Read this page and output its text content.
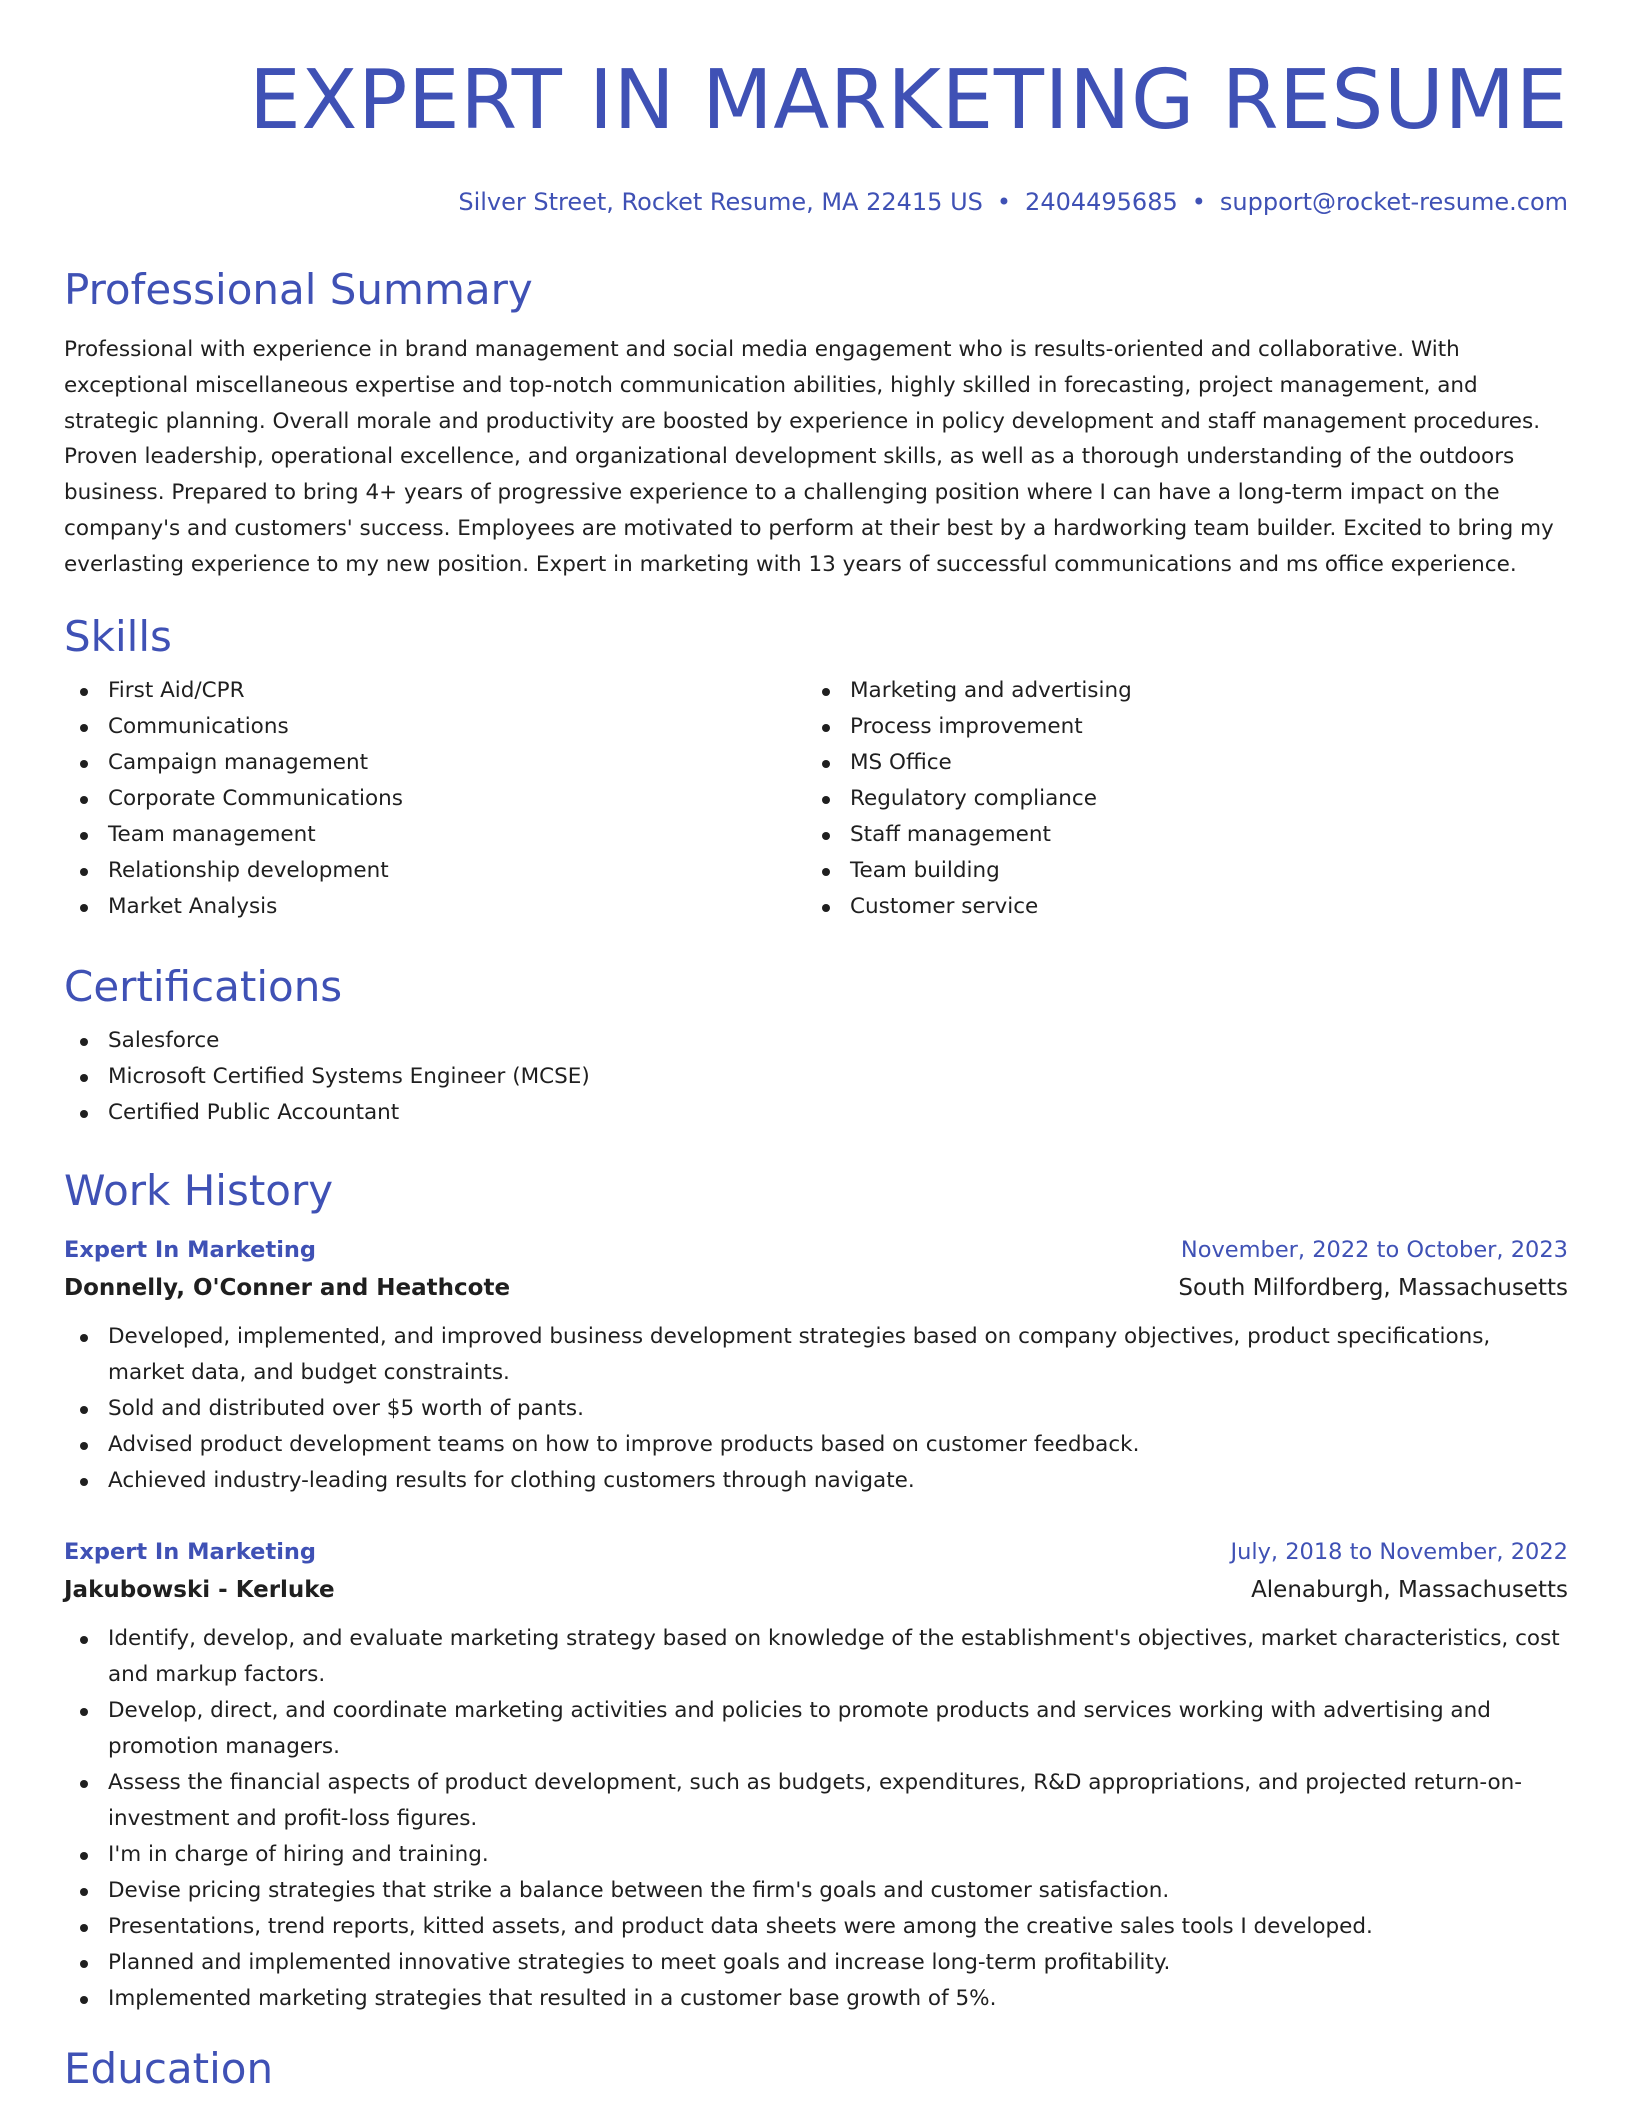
EXPERT IN MARKETING RESUME
Silver Street, Rocket Resume, MA 22415 US • 2404495685 • support@rocket-resume.com
Professional Summary
Professional with experience in brand management and social media engagement who is results-oriented and collaborative. With exceptional miscellaneous expertise and top-notch communication abilities, highly skilled in forecasting, project management, and strategic planning. Overall morale and productivity are boosted by experience in policy development and staff management procedures. Proven leadership, operational excellence, and organizational development skills, as well as a thorough understanding of the outdoors business. Prepared to bring 4+ years of progressive experience to a challenging position where I can have a long-term impact on the company's and customers' success. Employees are motivated to perform at their best by a hardworking team builder. Excited to bring my everlasting experience to my new position. Expert in marketing with 13 years of successful communications and ms office experience.
Skills
First Aid/CPR
Communications
Campaign management
Corporate Communications
Team management
Relationship development
Market Analysis
Marketing and advertising
Process improvement
MS Office
Regulatory compliance
Staff management
Team building
Customer service
Certifications
Salesforce
Microsoft Certified Systems Engineer (MCSE)
Certified Public Accountant
Work History
Expert In Marketing	November, 2022 to October, 2023
Donnelly, O'Conner and Heathcote	South Milfordberg, Massachusetts
Developed, implemented, and improved business development strategies based on company objectives, product specifications, market data, and budget constraints.
Sold and distributed over $5 worth of pants.
Advised product development teams on how to improve products based on customer feedback.
Achieved industry-leading results for clothing customers through navigate.
Expert In Marketing	July, 2018 to November, 2022
Jakubowski - Kerluke	Alenaburgh, Massachusetts
Identify, develop, and evaluate marketing strategy based on knowledge of the establishment's objectives, market characteristics, cost and markup factors.
Develop, direct, and coordinate marketing activities and policies to promote products and services working with advertising and promotion managers.
Assess the financial aspects of product development, such as budgets, expenditures, R&D appropriations, and projected return-on-investment and profit-loss figures.
I'm in charge of hiring and training.
Devise pricing strategies that strike a balance between the firm's goals and customer satisfaction.
Presentations, trend reports, kitted assets, and product data sheets were among the creative sales tools I developed.
Planned and implemented innovative strategies to meet goals and increase long-term profitability.
Implemented marketing strategies that resulted in a customer base growth of 5%.
Education
